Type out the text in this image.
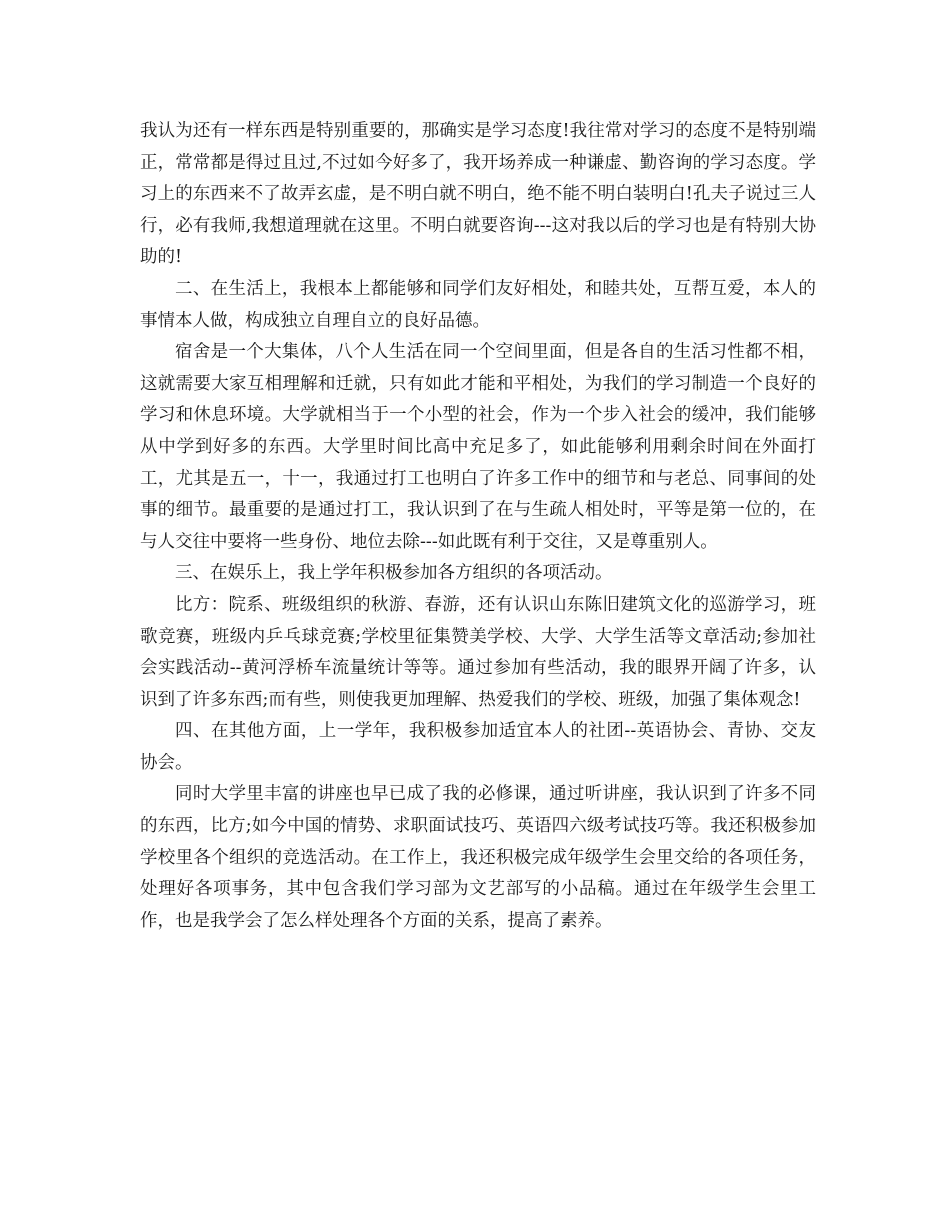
我认为还有一样东西是特别重要的，那确实是学习态度!我往常对学习的态度不是特别端正，常常都是得过且过,不过如今好多了，我开场养成一种谦虚、勤咨询的学习态度。学习上的东西来不了故弄玄虚，是不明白就不明白，绝不能不明白装明白!孔夫子说过三人行，必有我师,我想道理就在这里。不明白就要咨询---这对我以后的学习也是有特别大协助的!

二、在生活上，我根本上都能够和同学们友好相处，和睦共处，互帮互爱，本人的事情本人做，构成独立自理自立的良好品德。

宿舍是一个大集体，八个人生活在同一个空间里面，但是各自的生活习性都不相，这就需要大家互相理解和迁就，只有如此才能和平相处，为我们的学习制造一个良好的学习和休息环境。大学就相当于一个小型的社会，作为一个步入社会的缓冲，我们能够从中学到好多的东西。大学里时间比高中充足多了，如此能够利用剩余时间在外面打工，尤其是五一，十一，我通过打工也明白了许多工作中的细节和与老总、同事间的处事的细节。最重要的是通过打工，我认识到了在与生疏人相处时，平等是第一位的，在与人交往中要将一些身份、地位去除---如此既有利于交往，又是尊重别人。

三、在娱乐上，我上学年积极参加各方组织的各项活动。

比方：院系、班级组织的秋游、春游，还有认识山东陈旧建筑文化的巡游学习，班歌竞赛，班级内乒乓球竞赛;学校里征集赞美学校、大学、大学生活等文章活动;参加社会实践活动--黄河浮桥车流量统计等等。通过参加有些活动，我的眼界开阔了许多，认识到了许多东西;而有些，则使我更加理解、热爱我们的学校、班级，加强了集体观念!

四、在其他方面，上一学年，我积极参加适宜本人的社团--英语协会、青协、交友协会。

同时大学里丰富的讲座也早已成了我的必修课，通过听讲座，我认识到了许多不同的东西，比方;如今中国的情势、求职面试技巧、英语四六级考试技巧等。我还积极参加学校里各个组织的竞选活动。在工作上，我还积极完成年级学生会里交给的各项任务，处理好各项事务，其中包含我们学习部为文艺部写的小品稿。通过在年级学生会里工作，也是我学会了怎么样处理各个方面的关系，提高了素养。
